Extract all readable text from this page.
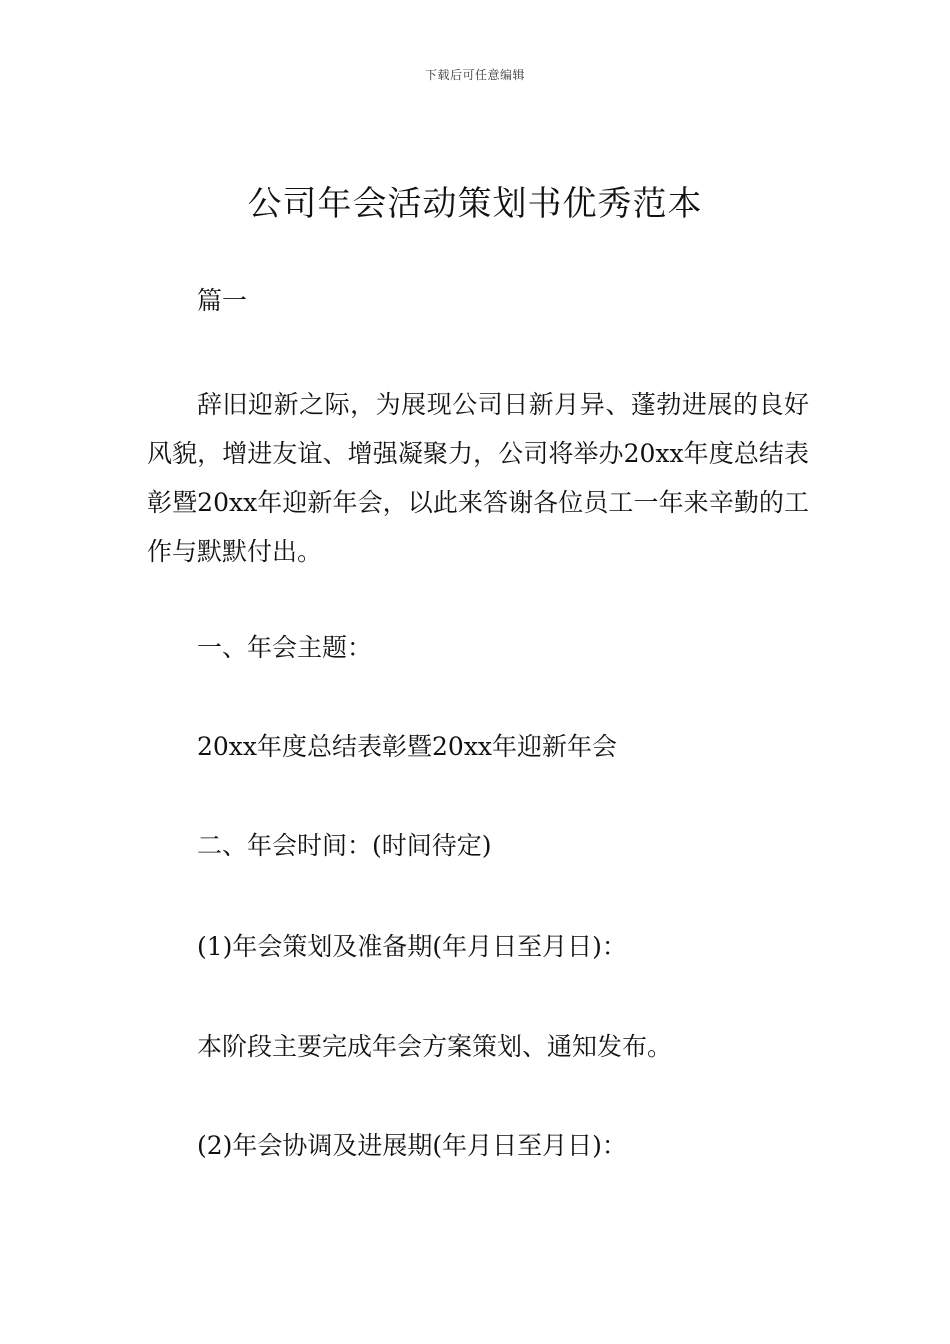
下载后可任意编辑
公司年会活动策划书优秀范本
篇一

辞旧迎新之际，为展现公司日新月异、蓬勃进展的良好风貌，增进友谊、增强凝聚力，公司将举办20xx年度总结表彰暨20xx年迎新年会，以此来答谢各位员工一年来辛勤的工作与默默付出。

一、年会主题：
20xx年度总结表彰暨20xx年迎新年会
二、年会时间：(时间待定)
(1)年会策划及准备期(年月日至月日)：
本阶段主要完成年会方案策划、通知发布。
(2)年会协调及进展期(年月日至月日)：
